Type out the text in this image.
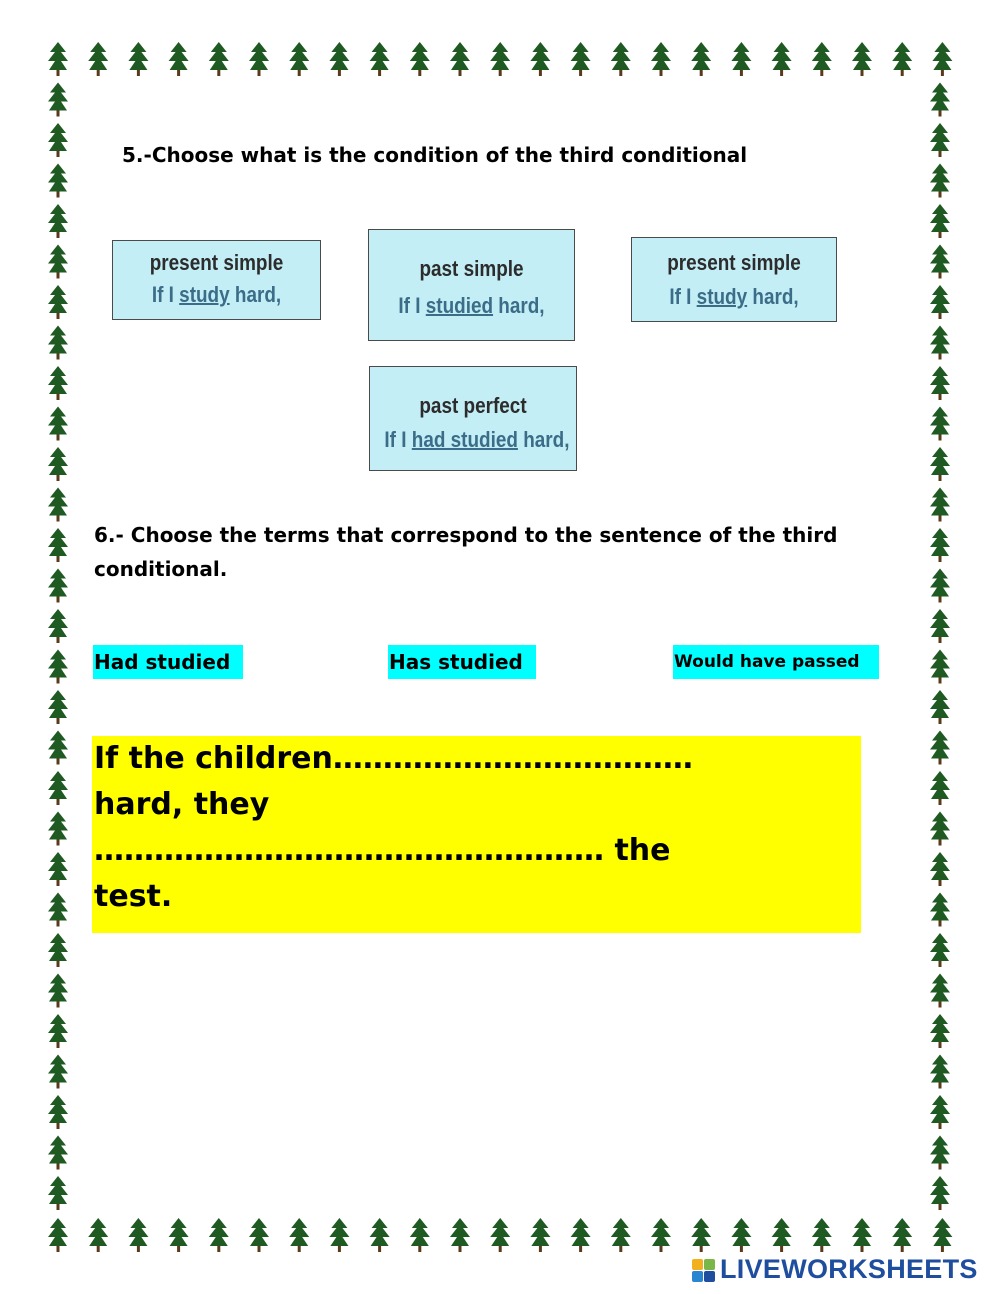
5.-Choose what is the condition of the third conditional
present simple
If I study hard,
past simple
If I studied hard,
present simple
If I study hard,
past perfect
If I had studied hard,
6.- Choose the terms that correspond to the sentence of the third conditional.
Had studied	Has studied	Would have passed
If the children………………………………
hard, they
…………………………………………… the
test.
LIVEWORKSHEETS
